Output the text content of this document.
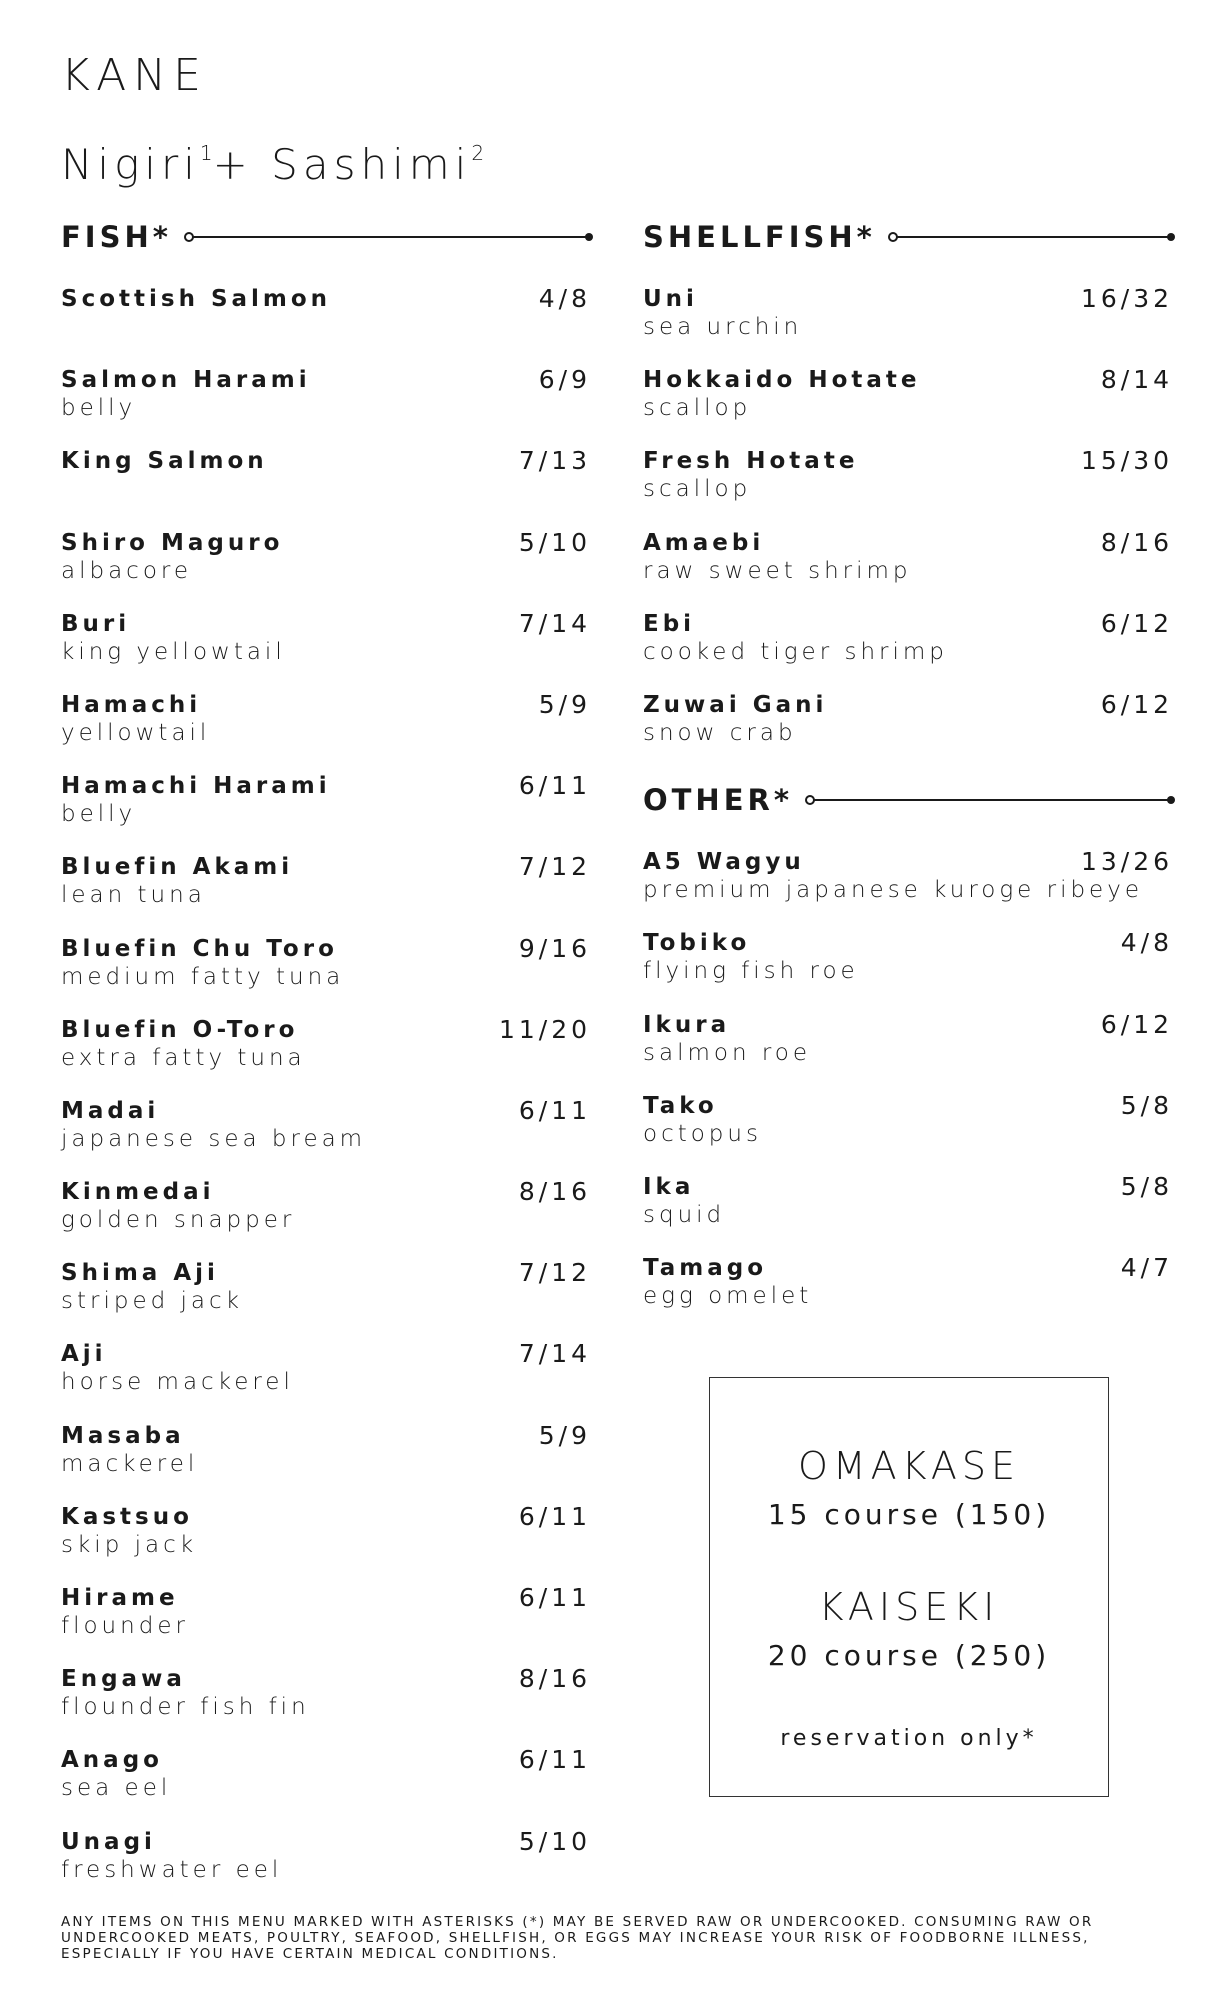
KANE
Nigiri$^1$+ Sashimi$^2$
FISH*
Scottish Salmon	4/8
Salmon Harami
belly
6/9
King Salmon	7/13
Shiro Maguro
albacore
5/10
Buri
king yellowtail
7/14
Hamachi
yellowtail
5/9
Hamachi Harami
belly
6/11
Bluefin Akami
lean tuna
7/12
Bluefin Chu Toro
medium fatty tuna
9/16
Bluefin O-Toro
extra fatty tuna
11/20
Madai
japanese sea bream
6/11
Kinmedai
golden snapper
8/16
Shima Aji
striped jack
7/12
Aji
horse mackerel
7/14
Masaba
mackerel
5/9
Kastsuo
skip jack
6/11
Hirame
flounder
6/11
Engawa
flounder fish fin
8/16
Anago
sea eel
6/11
Unagi
freshwater eel
5/10
SHELLFISH*
Uni
sea urchin
16/32
Hokkaido Hotate
scallop
8/14
Fresh Hotate
scallop
15/30
Amaebi
raw sweet shrimp
8/16
Ebi
cooked tiger shrimp
6/12
Zuwai Gani
snow crab
6/12
OTHER*
A5 Wagyu
premium japanese kuroge ribeye
13/26
Tobiko
flying fish roe
4/8
Ikura
salmon roe
6/12
Tako
octopus
5/8
Ika
squid
5/8
Tamago
egg omelet
4/7
OMAKASE
15 course (150)
KAISEKI
20 course (250)
reservation only*
ANY ITEMS ON THIS MENU MARKED WITH ASTERISKS (*) MAY BE SERVED RAW OR UNDERCOOKED. CONSUMING RAW OR UNDERCOOKED MEATS, POULTRY, SEAFOOD, SHELLFISH, OR EGGS MAY INCREASE YOUR RISK OF FOODBORNE ILLNESS, ESPECIALLY IF YOU HAVE CERTAIN MEDICAL CONDITIONS.
